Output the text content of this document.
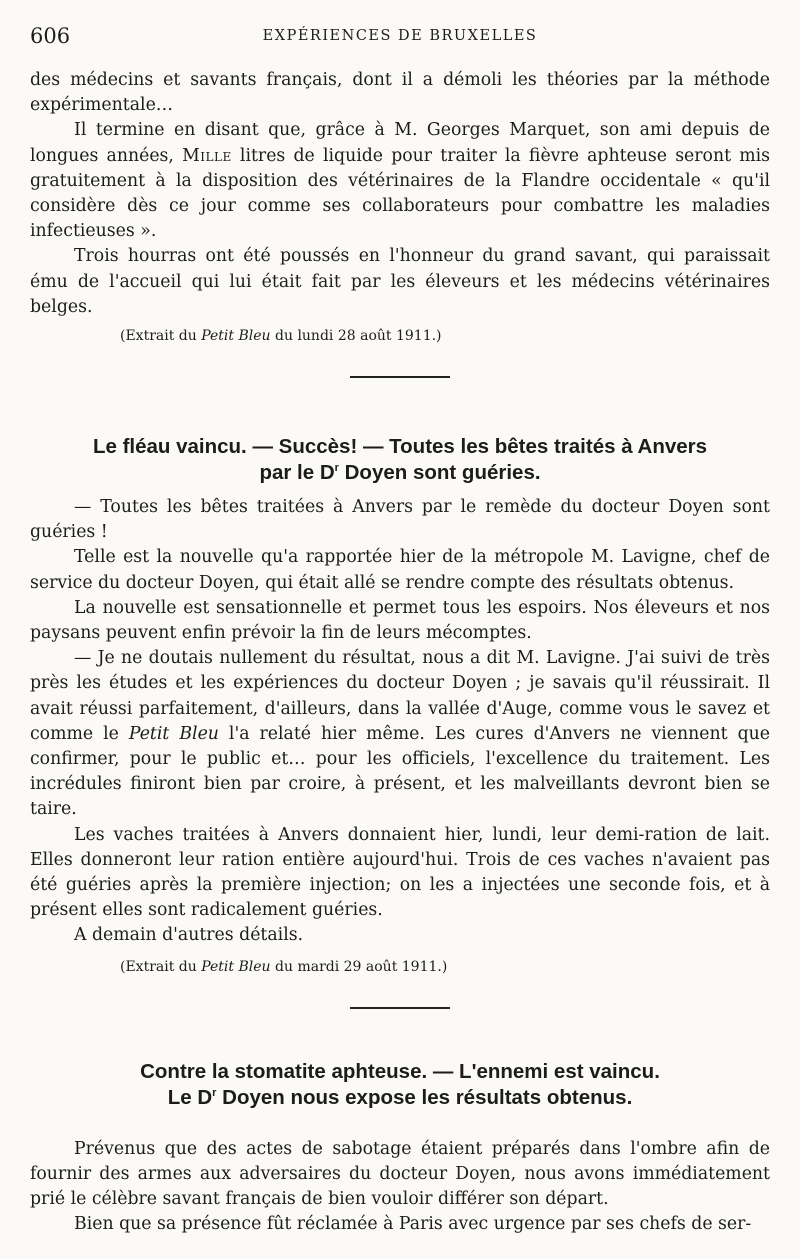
606	EXPÉRIENCES DE BRUXELLES

des médecins et savants français, dont il a démoli les théories par la méthode expérimentale…

Il termine en disant que, grâce à M. Georges Marquet, son ami depuis de longues années, Mille litres de liquide pour traiter la fièvre aphteuse seront mis gratuitement à la disposition des vétérinaires de la Flandre occidentale « qu'il considère dès ce jour comme ses collaborateurs pour combattre les maladies infectieuses ».

Trois hourras ont été poussés en l'honneur du grand savant, qui paraissait ému de l'accueil qui lui était fait par les éleveurs et les médecins vétérinaires belges.

(Extrait du Petit Bleu du lundi 28 août 1911.)

Le fléau vaincu. — Succès! — Toutes les bêtes traités à Anvers
par le $D^r$ Doyen sont guéries.

— Toutes les bêtes traitées à Anvers par le remède du docteur Doyen sont guéries !

Telle est la nouvelle qu'a rapportée hier de la métropole M. Lavigne, chef de service du docteur Doyen, qui était allé se rendre compte des résultats obtenus.

La nouvelle est sensationnelle et permet tous les espoirs. Nos éleveurs et nos paysans peuvent enfin prévoir la fin de leurs mécomptes.

— Je ne doutais nullement du résultat, nous a dit M. Lavigne. J'ai suivi de très près les études et les expériences du docteur Doyen ; je savais qu'il réussirait. Il avait réussi parfaitement, d'ailleurs, dans la vallée d'Auge, comme vous le savez et comme le Petit Bleu l'a relaté hier même. Les cures d'Anvers ne viennent que confirmer, pour le public et… pour les officiels, l'excellence du traitement. Les incrédules finiront bien par croire, à présent, et les malveillants devront bien se taire.

Les vaches traitées à Anvers donnaient hier, lundi, leur demi-ration de lait. Elles donneront leur ration entière aujourd'hui. Trois de ces vaches n'avaient pas été guéries après la première injection; on les a injectées une seconde fois, et à présent elles sont radicalement guéries.

A demain d'autres détails.

(Extrait du Petit Bleu du mardi 29 août 1911.)

Contre la stomatite aphteuse. — L'ennemi est vaincu.
Le $D^r$ Doyen nous expose les résultats obtenus.

Prévenus que des actes de sabotage étaient préparés dans l'ombre afin de fournir des armes aux adversaires du docteur Doyen, nous avons immédiatement prié le célèbre savant français de bien vouloir différer son départ.

Bien que sa présence fût réclamée à Paris avec urgence par ses chefs de ser-
